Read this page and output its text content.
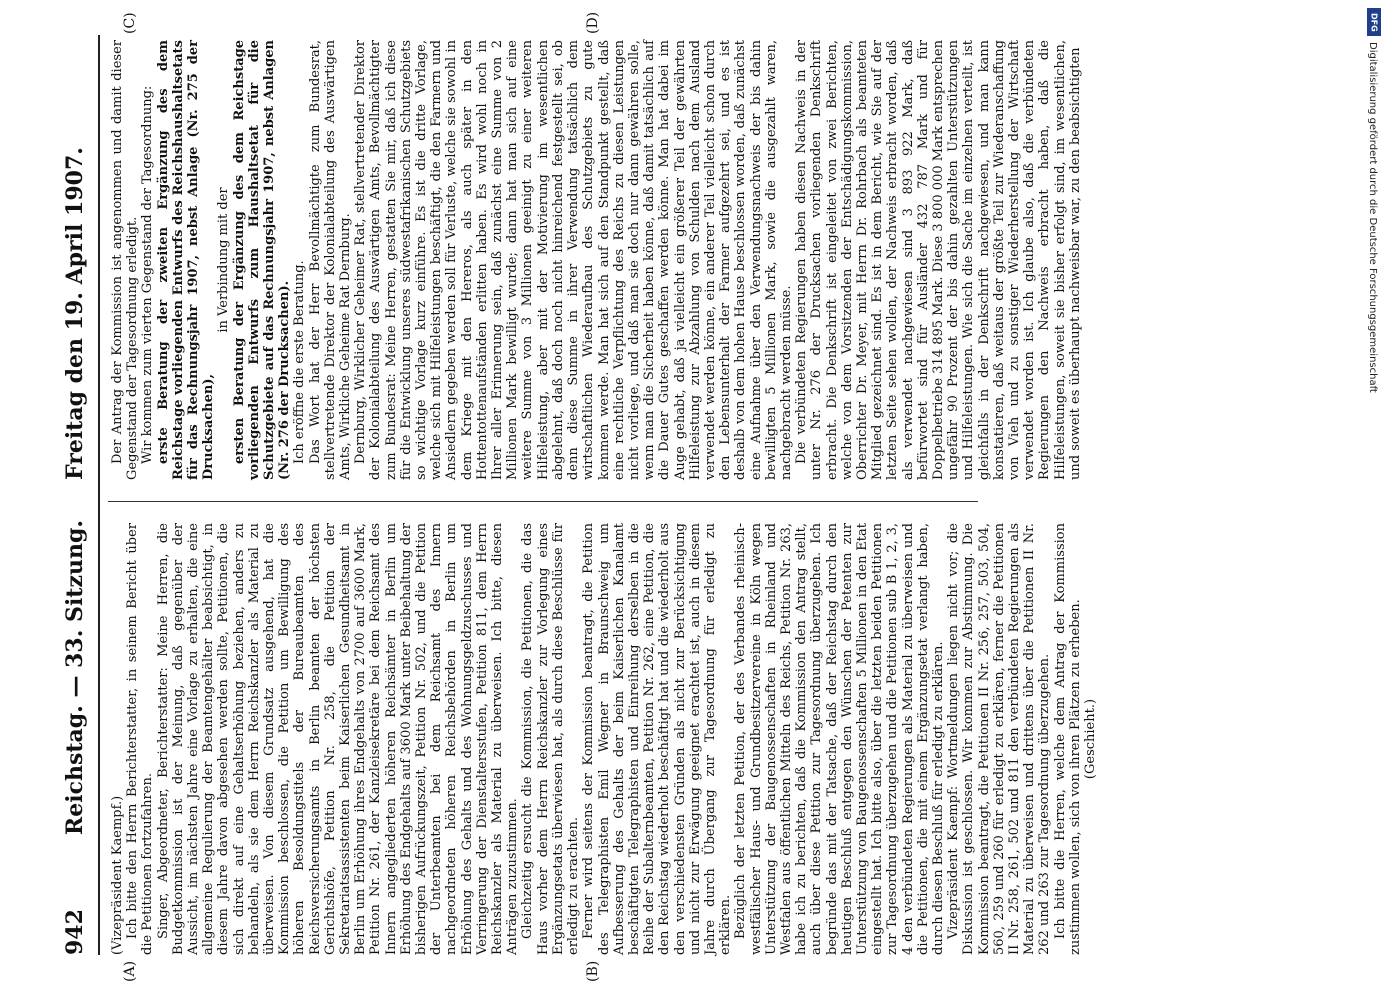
942
Reichstag. — 33. Sitzung.
Freitag den 19. April 1907.
(A)	(B)
(C)	(D)

(Vizepräsident Kaempf.) Ich bitte den Herrn Berichterstatter, in seinem Bericht über die Petitionen fortzufahren. Singer, Abgeordneter, Berichterstatter: Meine Herren, die Budgetkommission ist der Meinung, daß gegenüber der Aussicht, im nächsten Jahre eine Vorlage zu erhalten, die eine allgemeine Regulierung der Beamtengehälter beabsichtigt, in diesem Jahre davon abgesehen werden sollte, Petitionen, die sich direkt auf eine Gehaltserhöhung beziehen, anders zu behandeln, als sie dem Herrn Reichskanzler als Material zu überweisen. Von diesem Grundsatz ausgehend, hat die Kommission beschlossen, die Petition um Bewilligung des höheren Besoldungstitels der Bureaubeamten des Reichsversicherungsamts in Berlin beamten der höchsten Gerichtshöfe, Petition Nr. 258, die Petition der Sekretariatsassistenten beim Kaiserlichen Gesundheitsamt in Berlin um Erhöhung ihres Endgehalts von 2700 auf 3600 Mark, Petition Nr. 261, der Kanzleisekretäre bei dem Reichsamt des Innern angegliederten höheren Reichsämter in Berlin um Erhöhung des Endgehalts auf 3600 Mark unter Beibehaltung der bisherigen Aufrückungszeit, Petition Nr. 502, und die Petition der Unterbeamten bei dem Reichsamt des Innern nachgeordneten höheren Reichsbehörden in Berlin um Erhöhung des Gehalts und des Wohnungsgeldzuschusses und Verringerung der Dienstaltersstufen, Petition 811, dem Herrn Reichskanzler als Material zu überweisen. Ich bitte, diesen Anträgen zuzustimmen. Gleichzeitig ersucht die Kommission, die Petitionen, die das Haus vorher dem Herrn Reichskanzler zur Vorlegung eines Ergänzungsetats überwiesen hat, als durch diese Beschlüsse für erledigt zu erachten. Ferner wird seitens der Kommission beantragt, die Petition des Telegraphisten Emil Wegner in Braunschweig um Aufbesserung des Gehalts der beim Kaiserlichen Kanalamt beschäftigten Telegraphisten und Einreihung derselben in die Reihe der Subalternbeamten, Petition Nr. 262, eine Petition, die den Reichstag wiederholt beschäftigt hat und die wiederholt aus den verschiedensten Gründen als nicht zur Berücksichtigung und nicht zur Erwägung geeignet erachtet ist, auch in diesem Jahre durch Übergang zur Tagesordnung für erledigt zu erklären. Bezüglich der letzten Petition, der des Verbandes rheinisch-westfälischer Haus- und Grundbesitzervereine in Köln wegen Unterstützung der Baugenossenschaften in Rheinland und Westfalen aus öffentlichen Mitteln des Reichs, Petition Nr. 263, habe ich zu berichten, daß die Kommission den Antrag stellt, auch über diese Petition zur Tagesordnung überzugehen. Ich begründe das mit der Tatsache, daß der Reichstag durch den heutigen Beschluß entgegen den Wünschen der Petenten zur Unterstützung von Baugenossenschaften 5 Millionen in den Etat eingestellt hat. Ich bitte also, über die letzten beiden Petitionen zur Tagesordnung überzugehen und die Petitionen sub B 1, 2, 3, 4 den verbündeten Regierungen als Material zu überweisen und die Petitionen, die mit einem Ergänzungsetat verlangt haben, durch diesen Beschluß für erledigt zu erklären. Vizepräsident Kaempf: Wortmeldungen liegen nicht vor; die Diskussion ist geschlossen. Wir kommen zur Abstimmung. Die Kommission beantragt, die Petitionen II Nr. 256, 257, 503, 504, 560, 259 und 260 für erledigt zu erklären, ferner die Petitionen II Nr. 258, 261, 502 und 811 den verbündeten Regierungen als Material zu überweisen und drittens über die Petitionen II Nr. 262 und 263 zur Tagesordnung überzugehen. Ich bitte die Herren, welche dem Antrag der Kommission zustimmen wollen, sich von ihren Plätzen zu erheben. (Geschieht.)

Der Antrag der Kommission ist angenommen und damit dieser Gegenstand der Tagesordnung erledigt. Wir kommen zum vierten Gegenstand der Tagesordnung: erste Beratung der zweiten Ergänzung des dem Reichstage vorliegenden Entwurfs des Reichshaushaltsetats für das Rechnungsjahr 1907, nebst Anlage (Nr. 275 der Drucksachen),

in Verbindung mit der ersten Beratung der Ergänzung des dem Reichstage vorliegenden Entwurfs zum Haushaltsetat für die Schutzgebiete auf das Rechnungsjahr 1907, nebst Anlagen (Nr. 276 der Drucksachen). Ich eröffne die erste Beratung. Das Wort hat der Herr Bevollmächtigte zum Bundesrat, stellvertretende Direktor der Kolonialabteilung des Auswärtigen Amts, Wirkliche Geheime Rat Dernburg. Dernburg, Wirklicher Geheimer Rat, stellvertretender Direktor der Kolonialabteilung des Auswärtigen Amts, Bevollmächtigter zum Bundesrat: Meine Herren, gestatten Sie mir, daß ich diese für die Entwicklung unseres südwestafrikanischen Schutzgebiets so wichtige Vorlage kurz einführe. Es ist die dritte Vorlage, welche sich mit Hilfeleistungen beschäftigt, die den Farmern und Ansiedlern gegeben werden soll für Verluste, welche sie sowohl in dem Kriege mit den Hereros, als auch später in den Hottentottenaufständen erlitten haben. Es wird wohl noch in Ihrer aller Erinnerung sein, daß zunächst eine Summe von 2 Millionen Mark bewilligt wurde; dann hat man sich auf eine weitere Summe von 3 Millionen geeinigt zu einer weiteren Hilfeleistung, aber mit der Motivierung im wesentlichen abgelehnt, daß doch noch nicht hinreichend festgestellt sei, ob denn diese Summe in ihrer Verwendung tatsächlich dem wirtschaftlichen Wiederaufbau des Schutzgebiets zu gute kommen werde. Man hat sich auf den Standpunkt gestellt, daß eine rechtliche Verpflichtung des Reichs zu diesen Leistungen nicht vorliege, und daß man sie doch nur dann gewähren solle, wenn man die Sicherheit haben könne, daß damit tatsächlich auf die Dauer Gutes geschaffen werden könne. Man hat dabei im Auge gehabt, daß ja vielleicht ein größerer Teil der gewährten Hilfeleistung zur Abzahlung von Schulden nach dem Ausland verwendet werden könne, ein anderer Teil vielleicht schon durch den Lebensunterhalt der Farmer aufgezehrt sei, und es ist deshalb von dem hohen Hause beschlossen worden, daß zunächst eine Aufnahme über den Verwendungsnachweis der bis dahin bewilligten 5 Millionen Mark, sowie die ausgezahlt waren, nachgebracht werden müsse. Die verbündeten Regierungen haben diesen Nachweis in der unter Nr. 276 der Drucksachen vorliegenden Denkschrift erbracht. Die Denkschrift ist eingeleitet von zwei Berichten, welche von dem Vorsitzenden der Entschädigungskommission, Oberrichter Dr. Meyer, mit Herrn Dr. Rohrbach als beamteten Mitglied gezeichnet sind. Es ist in dem Bericht, wie Sie auf der letzten Seite sehen wollen, der Nachweis erbracht worden, daß als verwendet nachgewiesen sind 3 893 922 Mark, daß befürwortet sind für Ausländer 432 787 Mark und für Doppelbetriebe 314 895 Mark. Diese 3 800 000 Mark entsprechen ungefähr 90 Prozent der bis dahin gezahlten Unterstützungen und Hilfeleistungen. Wie sich die Sache im einzelnen verteilt, ist gleichfalls in der Denkschrift nachgewiesen, und man kann konstatieren, daß weitaus der größte Teil zur Wiederanschaffung von Vieh und zu sonstiger Wiederherstellung der Wirtschaft verwendet worden ist. Ich glaube also, daß die verbündeten Regierungen den Nachweis erbracht haben, daß die Hilfeleistungen, soweit sie bisher erfolgt sind, im wesentlichen, und soweit es überhaupt nachweisbar war, zu den beabsichtigten

DFG
Digitalisierung gefördert durch die Deutsche Forschungsgemeinschaft
